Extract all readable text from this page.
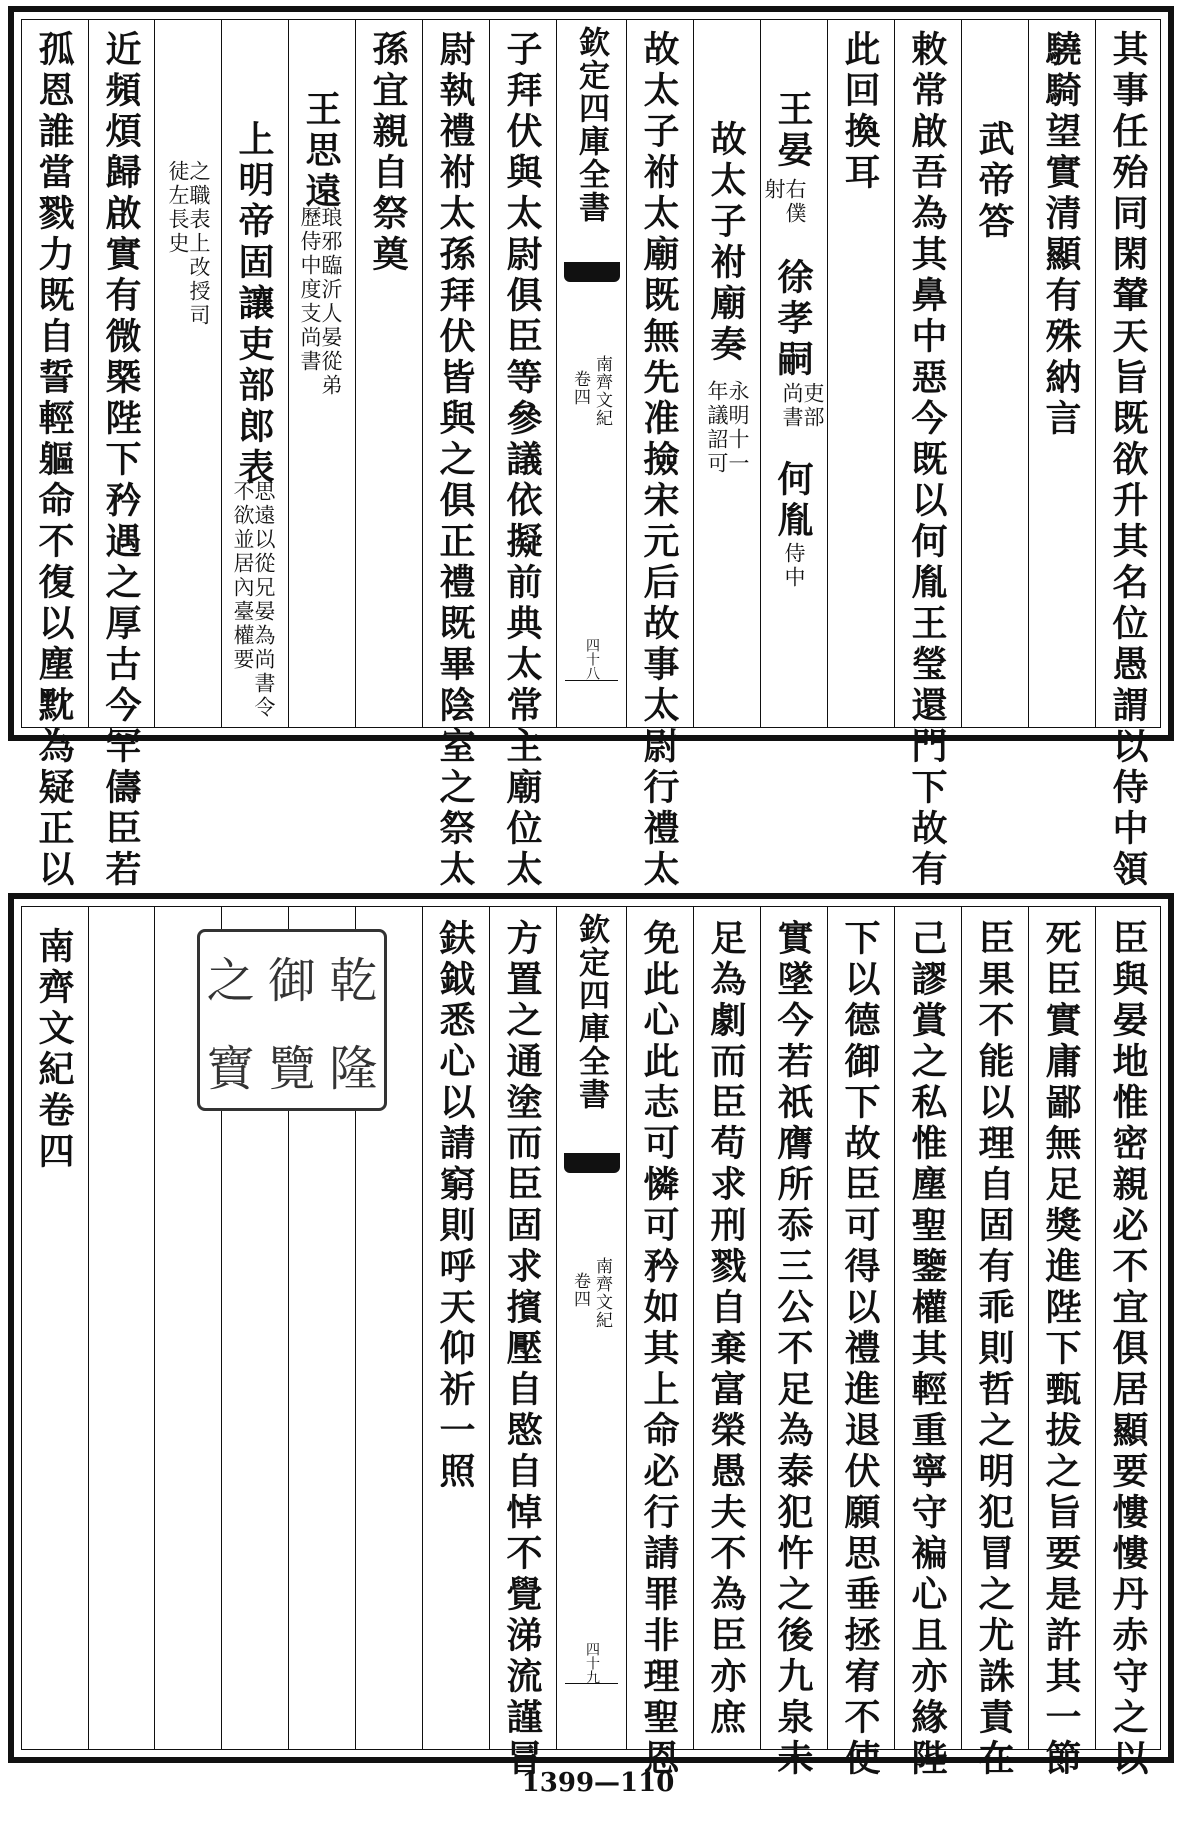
其事任殆同閑輦天旨既欲升其名位愚謂以侍中領
驍騎望實清顯有殊納言
武帝答
敕常啟吾為其鼻中惡今既以何胤王瑩還門下故有
此回換耳
王晏
右僕射
徐孝嗣
吏部尚書
何胤
侍中
故太子祔廟奏
永明十一年議詔可
故太子祔太廟既無先准撿宋元后故事太尉行禮太
欽定四庫全書
南齊文紀
卷四
四十八
子拜伏與太尉俱臣等參議依擬前典太常主廟位太
尉執禮祔太孫拜伏皆與之俱正禮既畢陰室之祭太
孫宜親自祭奠
王思遠
琅邪臨沂人晏從弟歷侍中度支尚書
上明帝固讓吏部郎表
思遠以從兄晏為尚書令不欲並居內臺權要
之職表上改授司徒左長史
近頻煩歸啟實有微槩陛下矜遇之厚古今罕儔臣若
孤恩誰當戮力既自誓輕軀命不復以塵黕為疑正以
臣與晏地惟密親必不宜俱居顯要慺慺丹赤守之以
死臣實庸鄙無足獎進陛下甄拔之旨要是許其一節
臣果不能以理自固有乖則哲之明犯冒之尤誅責在
己謬賞之私惟塵聖鑒權其輕重寧守褊心且亦緣陛
下以德御下故臣可得以禮進退伏願思垂拯宥不使
實墜今若祇膺所忝三公不足為泰犯忤之後九泉未
足為劇而臣苟求刑戮自棄富榮愚夫不為臣亦庶
免此心此志可憐可矜如其上命必行請罪非理聖恩
欽定四庫全書
南齊文紀
卷四
四十九
方置之通塗而臣固求擯壓自愍自悼不覺涕流謹冒
鈇鉞悉心以請窮則呼天仰祈一照
南齊文紀卷四	之 御 乾
寶 覽 隆
1399—110
